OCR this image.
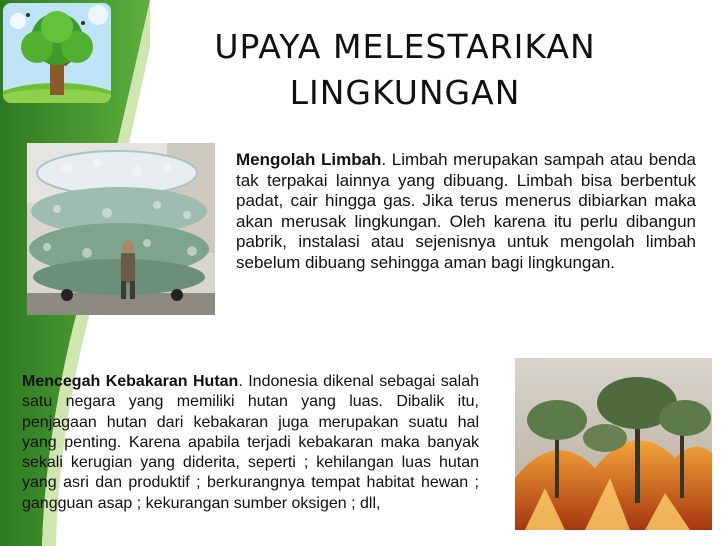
UPAYA MELESTARIKAN
LINGKUNGAN
Mengolah Limbah. Limbah merupakan sampah atau benda tak terpakai lainnya yang dibuang. Limbah bisa berbentuk padat, cair hingga gas. Jika terus menerus dibiarkan maka akan merusak lingkungan. Oleh karena itu perlu dibangun pabrik, instalasi atau sejenisnya untuk mengolah limbah sebelum dibuang sehingga aman bagi lingkungan.
Mencegah Kebakaran Hutan. Indonesia dikenal sebagai salah satu negara yang memiliki hutan yang luas. Dibalik itu, penjagaan hutan dari kebakaran juga merupakan suatu hal yang penting. Karena apabila terjadi kebakaran maka banyak sekali kerugian yang diderita, seperti ; kehilangan luas hutan yang asri dan produktif ; berkurangnya tempat habitat hewan ; gangguan asap ; kekurangan sumber oksigen ; dll,
